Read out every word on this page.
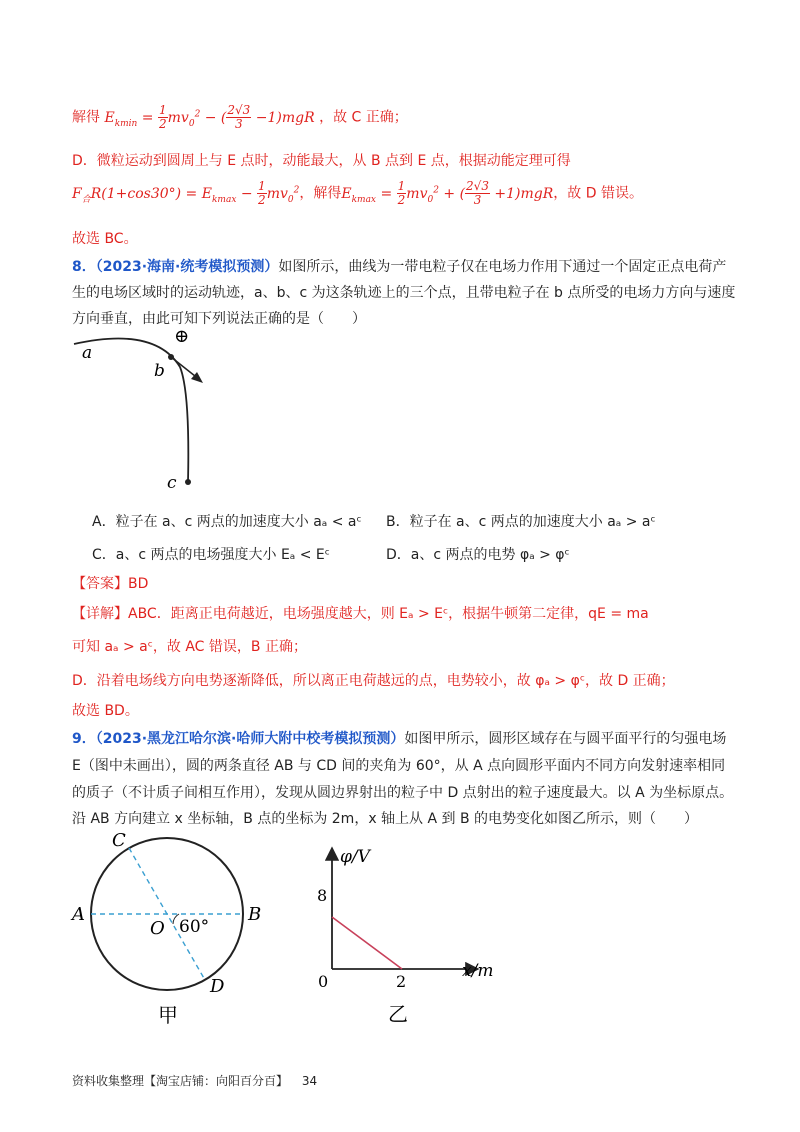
解得 $E_{kmin} = \frac{1}{2} mv_0^2$ − ( $\frac{2√3}{3} -1)mgR$ ，故 C 正确；
D．微粒运动到圆周上与 E 点时，动能最大，从 B 点到 E 点，根据动能定理可得
$F_合R(1+\cos 30^\circ) = E_{kmax} - \frac{1}{2} mv_0^2$，解得$E_{kmax} = \frac{1}{2} mv_0^2$ + ( $\frac{2√3}{3} +1)mgR$，故 D 错误。
故选 BC。
8．（2023·海南·统考模拟预测）如图所示，曲线为一带电粒子仅在电场力作用下通过一个固定正点电荷产
生的电场区域时的运动轨迹，a、b、c 为这条轨迹上的三个点，且带电粒子在 b 点所受的电场力方向与速度
方向垂直，由此可知下列说法正确的是（　　）
a
b
c
⊕
A．粒子在 a、c 两点的加速度大小 aₐ < aᶜ B．粒子在 a、c 两点的加速度大小 aₐ > aᶜ
C．a、c 两点的电场强度大小 Eₐ < Eᶜ	D．a、c 两点的电势 φₐ > φᶜ
【答案】BD
【详解】ABC．距离正电荷越近，电场强度越大，则 Eₐ > Eᶜ，根据牛顿第二定律，qE = ma
可知 aₐ > aᶜ，故 AC 错误，B 正确；
D．沿着电场线方向电势逐渐降低，所以离正电荷越远的点，电势较小，故 φₐ > φᶜ，故 D 正确；
故选 BD。
9．（2023·黑龙江哈尔滨·哈师大附中校考模拟预测）如图甲所示，圆形区域存在与圆平面平行的匀强电场
E（图中未画出），圆的两条直径 AB 与 CD 间的夹角为 60°，从 A 点向圆形平面内不同方向发射速率相同
的质子（不计质子间相互作用），发现从圆边界射出的粒子中 D 点射出的粒子速度最大。以 A 为坐标原点。
沿 AB 方向建立 x 坐标轴，B 点的坐标为 2m，x 轴上从 A 到 B 的电势变化如图乙所示，则（　　）
A	B
C
D
O 60°
甲
φ/V
x/m
8
2
0
乙
资料收集整理【淘宝店铺：向阳百分百】 34
